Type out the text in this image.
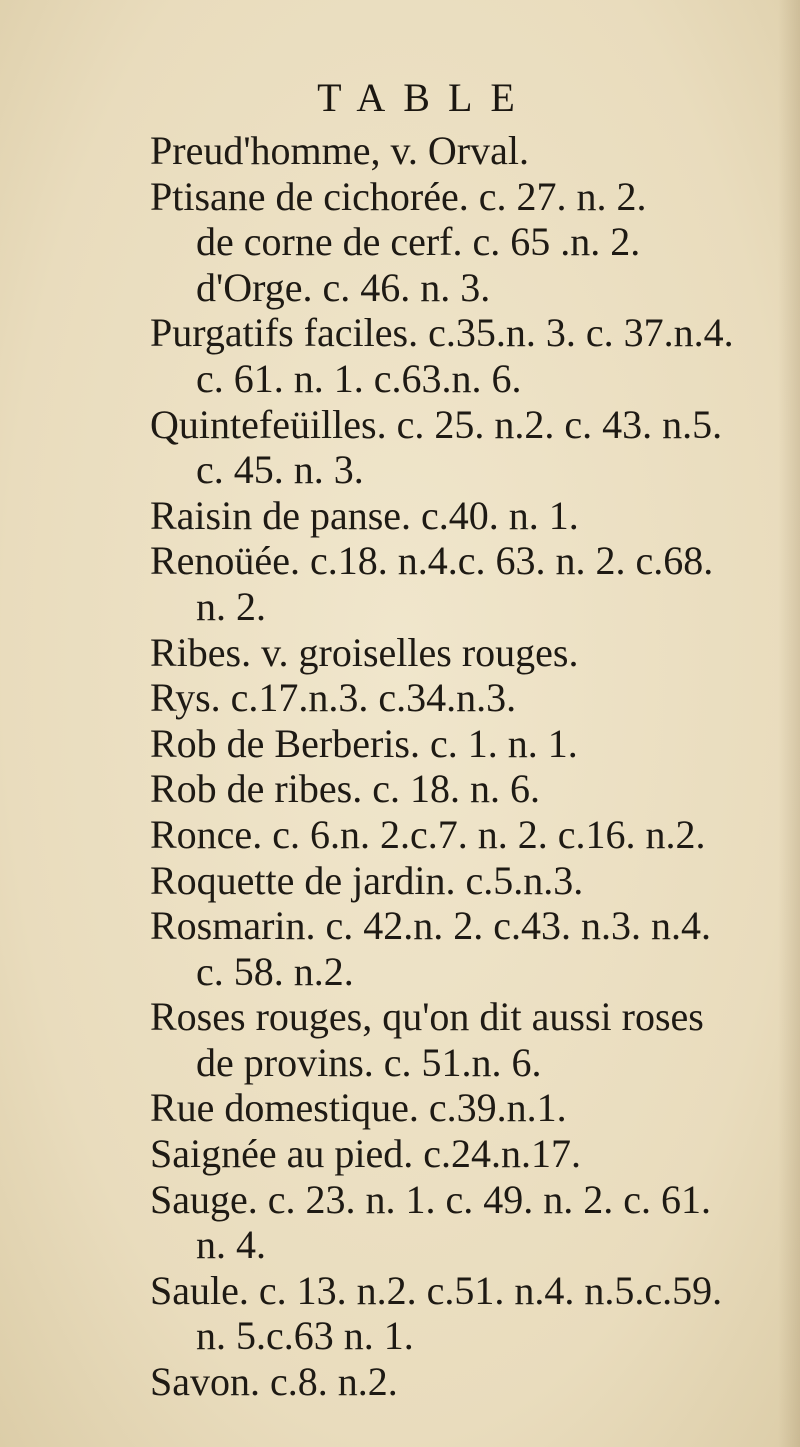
TABLE
Preud'homme, v. Orval.
Ptisane de cichorée. c. 27. n. 2.
de corne de cerf. c. 65 .n. 2.
d'Orge. c. 46. n. 3.
Purgatifs faciles. c.35.n. 3. c. 37.n.4.
c. 61. n. 1. c.63.n. 6.
Quintefeüilles. c. 25. n.2. c. 43. n.5.
c. 45. n. 3.
Raisin de panse. c.40. n. 1.
Renoüée. c.18. n.4.c. 63. n. 2. c.68.
n. 2.
Ribes. v. groiselles rouges.
Rys. c.17.n.3. c.34.n.3.
Rob de Berberis. c. 1. n. 1.
Rob de ribes. c. 18. n. 6.
Ronce. c. 6.n. 2.c.7. n. 2. c.16. n.2.
Roquette de jardin. c.5.n.3.
Rosmarin. c. 42.n. 2. c.43. n.3. n.4.
c. 58. n.2.
Roses rouges, qu'on dit aussi roses
de provins. c. 51.n. 6.
Rue domestique. c.39.n.1.
Saignée au pied. c.24.n.17.
Sauge. c. 23. n. 1. c. 49. n. 2. c. 61.
n. 4.
Saule. c. 13. n.2. c.51. n.4. n.5.c.59.
n. 5.c.63 n. 1.
Savon. c.8. n.2.
